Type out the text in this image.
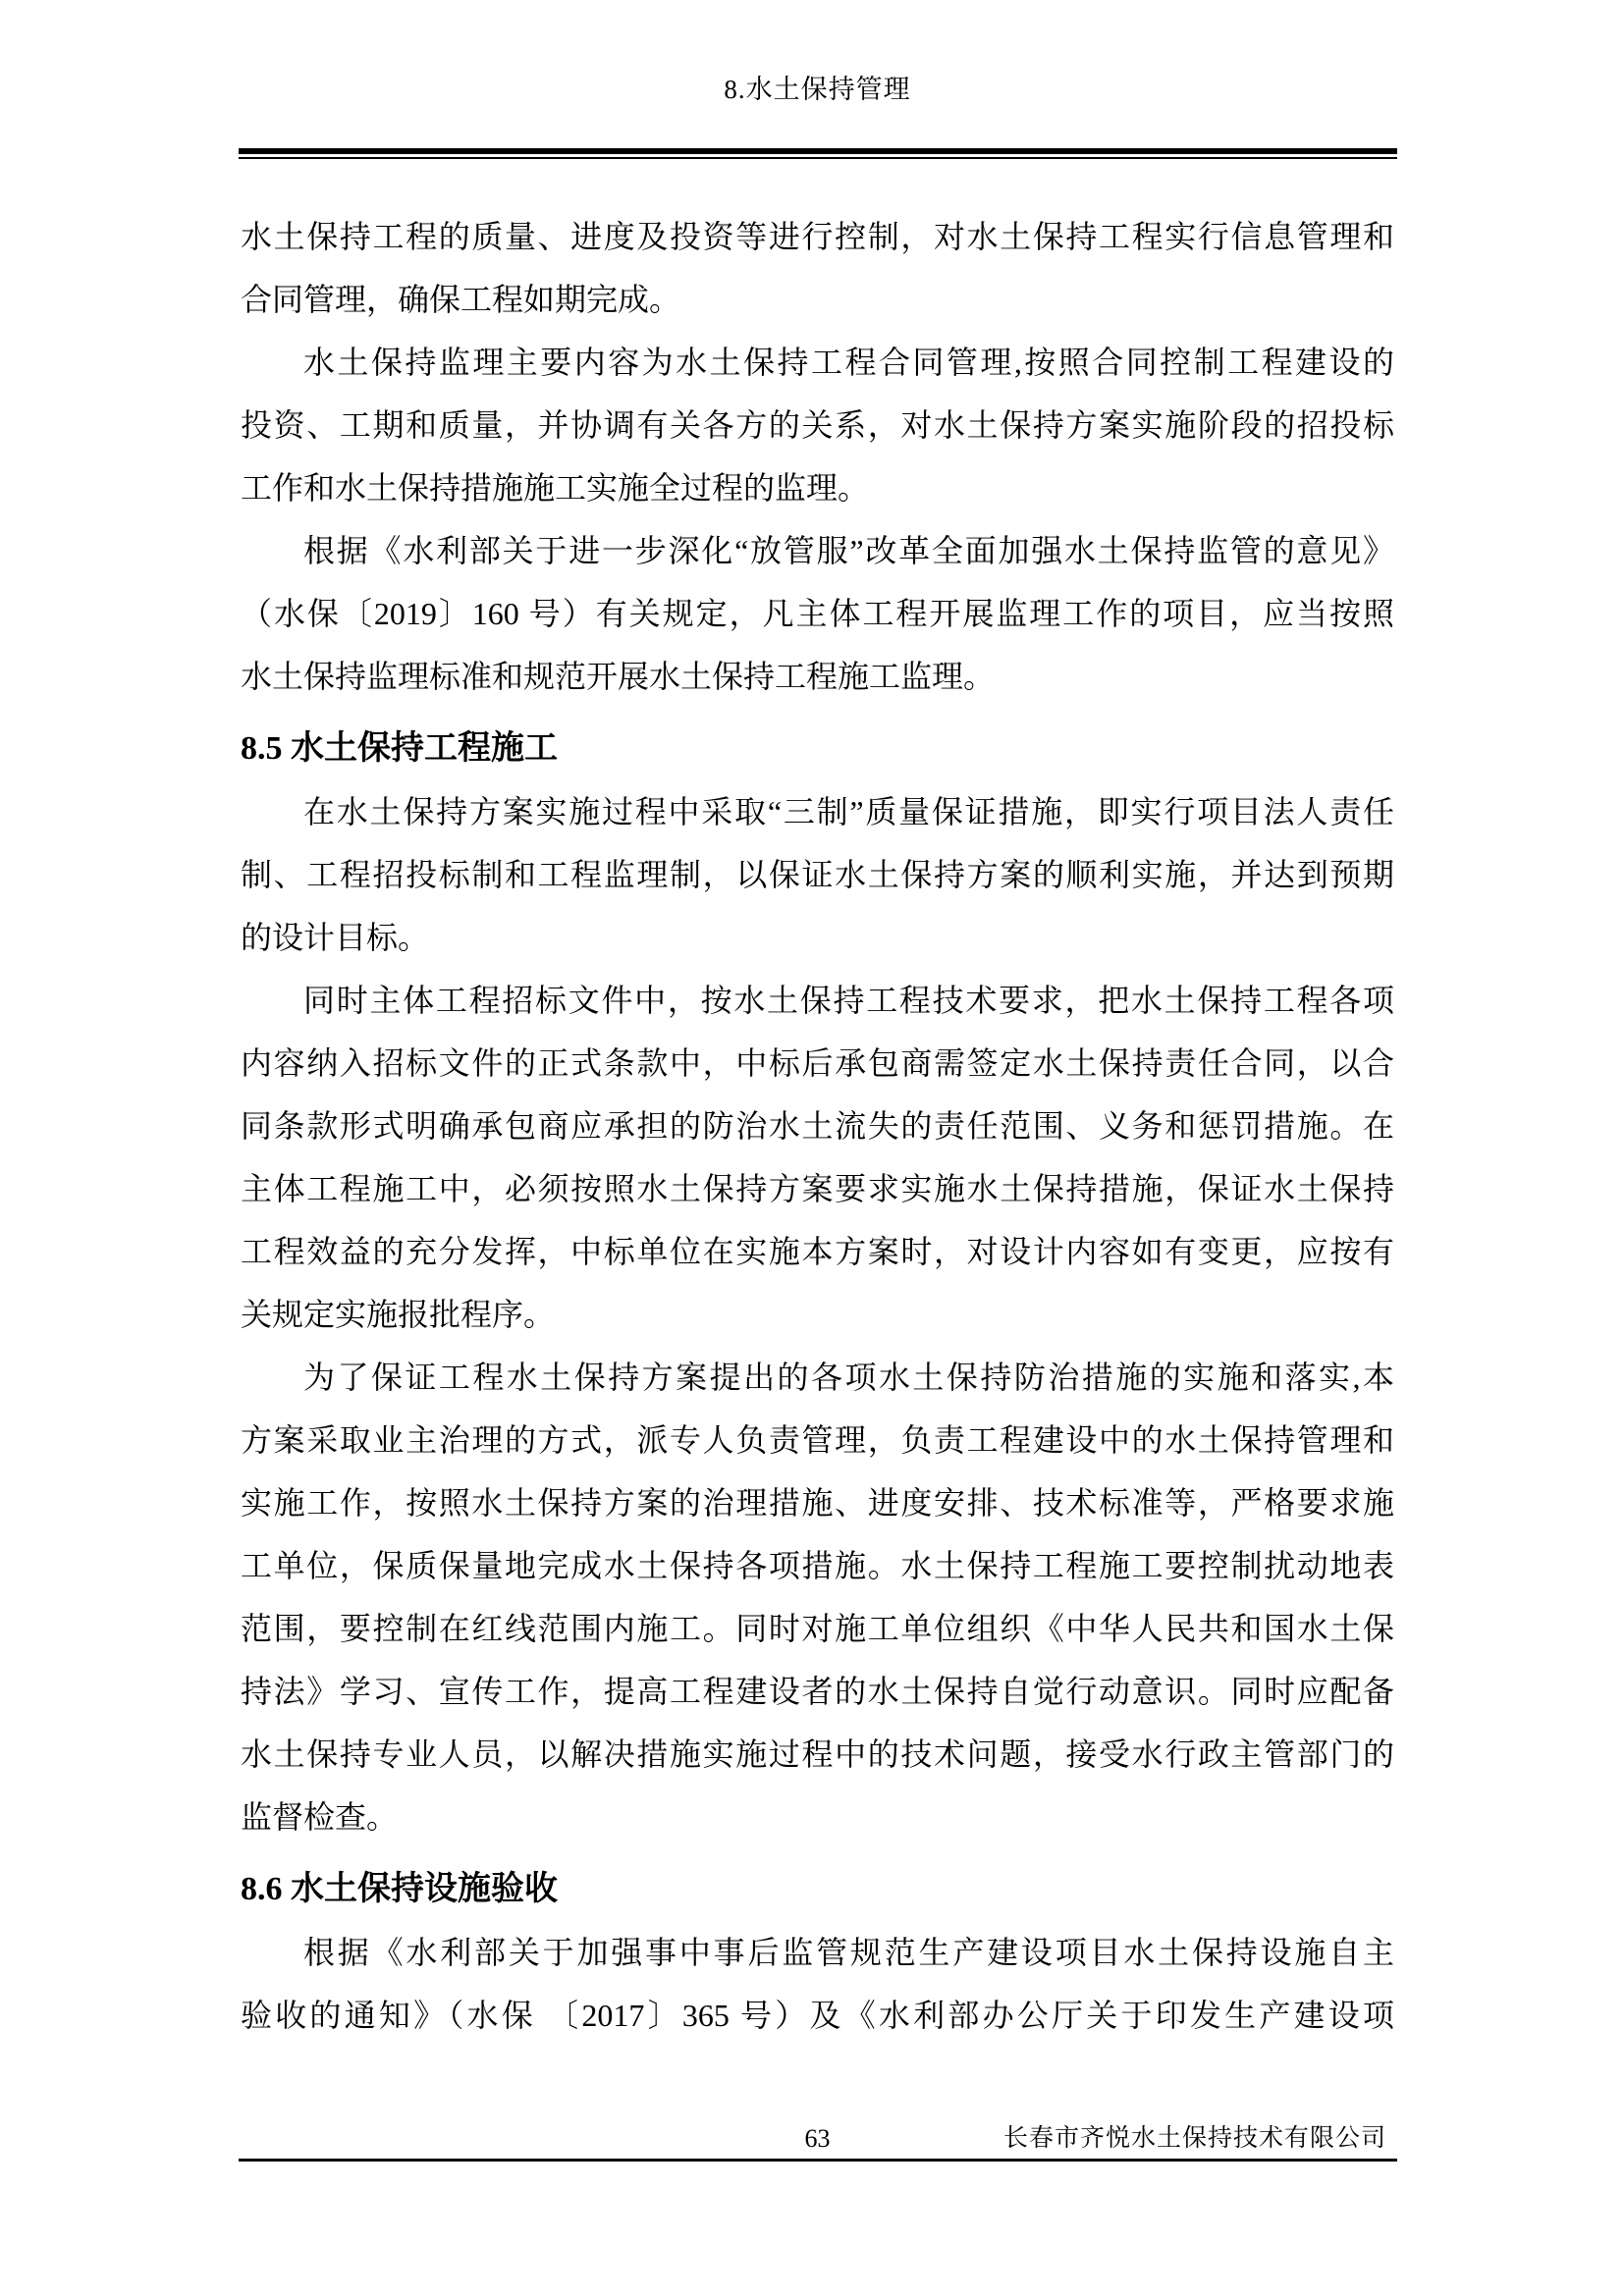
8.水土保持管理
水土保持工程的质量、进度及投资等进行控制，对水土保持工程实行信息管理和
合同管理，确保工程如期完成。
水土保持监理主要内容为水土保持工程合同管理,按照合同控制工程建设的
投资、工期和质量，并协调有关各方的关系，对水土保持方案实施阶段的招投标
工作和水土保持措施施工实施全过程的监理。
根据《水利部关于进一步深化“放管服”改革全面加强水土保持监管的意见》
（水保〔2019〕160 号）有关规定，凡主体工程开展监理工作的项目，应当按照
水土保持监理标准和规范开展水土保持工程施工监理。
8.5 水土保持工程施工
在水土保持方案实施过程中采取“三制”质量保证措施，即实行项目法人责任
制、工程招投标制和工程监理制，以保证水土保持方案的顺利实施，并达到预期
的设计目标。
同时主体工程招标文件中，按水土保持工程技术要求，把水土保持工程各项
内容纳入招标文件的正式条款中，中标后承包商需签定水土保持责任合同，以合
同条款形式明确承包商应承担的防治水土流失的责任范围、义务和惩罚措施。在
主体工程施工中，必须按照水土保持方案要求实施水土保持措施，保证水土保持
工程效益的充分发挥，中标单位在实施本方案时，对设计内容如有变更，应按有
关规定实施报批程序。
为了保证工程水土保持方案提出的各项水土保持防治措施的实施和落实,本
方案采取业主治理的方式，派专人负责管理，负责工程建设中的水土保持管理和
实施工作，按照水土保持方案的治理措施、进度安排、技术标准等，严格要求施
工单位，保质保量地完成水土保持各项措施。水土保持工程施工要控制扰动地表
范围，要控制在红线范围内施工。同时对施工单位组织《中华人民共和国水土保
持法》学习、宣传工作，提高工程建设者的水土保持自觉行动意识。同时应配备
水土保持专业人员，以解决措施实施过程中的技术问题，接受水行政主管部门的
监督检查。
8.6 水土保持设施验收
根据《水利部关于加强事中事后监管规范生产建设项目水土保持设施自主
验收的通知》（水保 〔2017〕365 号）及《水利部办公厅关于印发生产建设项
63	长春市齐悦水土保持技术有限公司
